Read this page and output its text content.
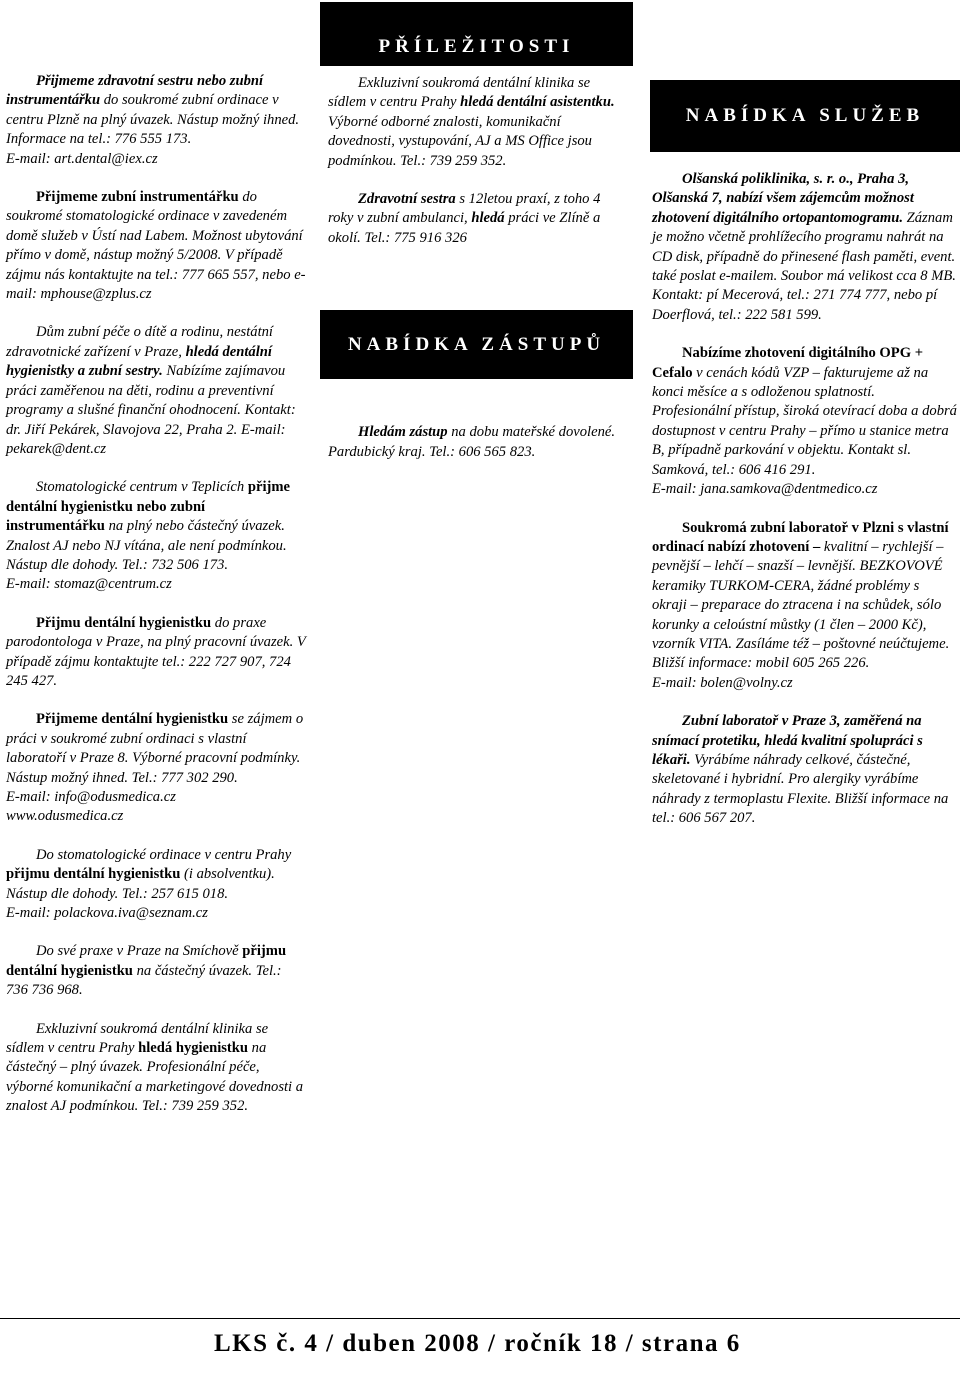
PŘÍLEŽITOSTI
NABÍDKA SLUŽEB

Přijmeme zdravotní sestru nebo zubní instrumentářku do soukromé zubní ordinace v centru Plzně na plný úvazek. Nástup možný ihned. Informace na tel.: 776 555 173.

E-mail: art.dental@iex.cz

Přijmeme zubní instrumentářku do soukromé stomatologické ordinace v zavedeném domě služeb v Ústí nad Labem. Možnost ubytování přímo v domě, nástup možný 5/2008. V případě zájmu nás kontaktujte na tel.: 777 665 557, nebo e-mail: mphouse@zplus.cz

Dům zubní péče o dítě a rodinu, nestátní zdravotnické zařízení v Praze, hledá dentální hygienistky a zubní sestry. Nabízíme zajímavou práci zaměřenou na děti, rodinu a preventivní programy a slušné finanční ohodnocení. Kontakt: dr. Jiří Pekárek, Slavojova 22, Praha 2. E-mail: pekarek@dent.cz

Stomatologické centrum v Teplicích přijme dentální hygienistku nebo zubní instrumentářku na plný nebo částečný úvazek. Znalost AJ nebo NJ vítána, ale není podmínkou. Nástup dle dohody. Tel.: 732 506 173.

E-mail: stomaz@centrum.cz

Přijmu dentální hygienistku do praxe parodontologa v Praze, na plný pracovní úvazek. V případě zájmu kontaktujte tel.: 222 727 907, 724 245 427.

Přijmeme dentální hygienistku se zájmem o práci v soukromé zubní ordinaci s vlastní laboratoří v Praze 8. Výborné pracovní podmínky. Nástup možný ihned. Tel.: 777 302 290.

E-mail: info@odusmedica.cz

www.odusmedica.cz

Do stomatologické ordinace v centru Prahy přijmu dentální hygienistku (i absolventku). Nástup dle dohody. Tel.: 257 615 018.

E-mail: polackova.iva@seznam.cz

Do své praxe v Praze na Smíchově přijmu dentální hygienistku na částečný úvazek. Tel.: 736 736 968.

Exkluzivní soukromá dentální klinika se sídlem v centru Prahy hledá hygienistku na částečný – plný úvazek. Profesionální péče, výborné komunikační a marketingové dovednosti a znalost AJ podmínkou. Tel.: 739 259 352.

Exkluzivní soukromá dentální klinika se sídlem v centru Prahy hledá dentální asistentku. Výborné odborné znalosti, komunikační dovednosti, vystupování, AJ a MS Office jsou podmínkou. Tel.: 739 259 352.

Zdravotní sestra s 12letou praxí, z toho 4 roky v zubní ambulanci, hledá práci ve Zlíně a okolí. Tel.: 775 916 326

NABÍDKA ZÁSTUPŮ

Hledám zástup na dobu mateřské dovolené. Pardubický kraj. Tel.: 606 565 823.

Olšanská poliklinika, s. r. o., Praha 3, Olšanská 7, nabízí všem zájemcům možnost zhotovení digitálního ortopantomogramu. Záznam je možno včetně prohlížecího programu nahrát na CD disk, případně do přinesené flash paměti, event. také poslat e-mailem. Soubor má velikost cca 8 MB. Kontakt: pí Mecerová, tel.: 271 774 777, nebo pí Doerflová, tel.: 222 581 599.

Nabízíme zhotovení digitálního OPG + Cefalo v cenách kódů VZP – fakturujeme až na konci měsíce a s odloženou splatností. Profesionální přístup, široká otevírací doba a dobrá dostupnost v centru Prahy – přímo u stanice metra B, případně parkování v objektu. Kontakt sl. Samková, tel.: 606 416 291.

E-mail: jana.samkova@dentmedico.cz

Soukromá zubní laboratoř v Plzni s vlastní ordinací nabízí zhotovení – kvalitní – rychlejší – pevnější – lehčí – snazší – levnější. BEZKOVOVÉ keramiky TURKOM-CERA, žádné problémy s okraji – preparace do ztracena i na schůdek, sólo korunky a celoústní můstky (1 člen – 2000 Kč), vzorník VITA. Zasíláme též – poštovné neúčtujeme. Bližší informace: mobil 605 265 226.

E-mail: bolen@volny.cz

Zubní laboratoř v Praze 3, zaměřená na snímací protetiku, hledá kvalitní spolupráci s lékaři. Vyrábíme náhrady celkové, částečné, skeletované i hybridní. Pro alergiky vyrábíme náhrady z termoplastu Flexite. Bližší informace na tel.: 606 567 207.

LKS č. 4 / duben 2008 / ročník 18 / strana 6
